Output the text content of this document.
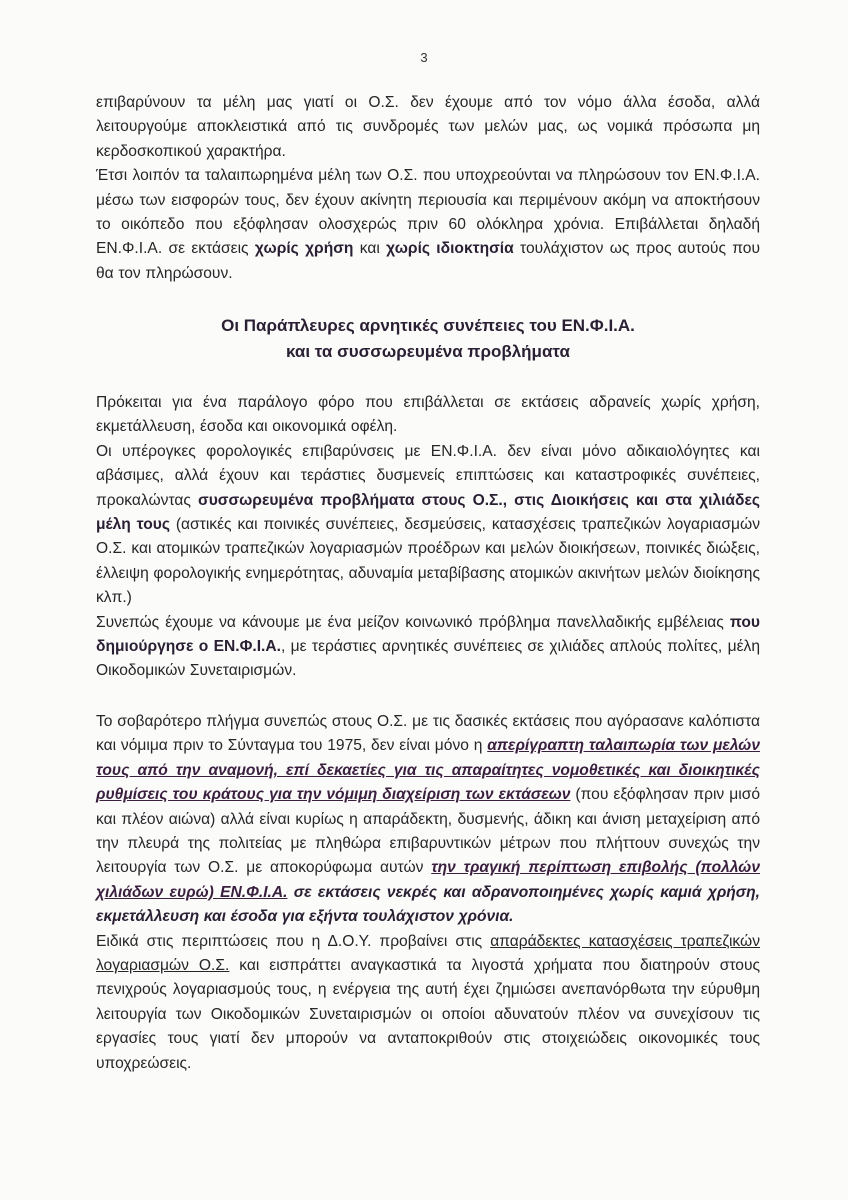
3

επιβαρύνουν τα μέλη μας γιατί οι Ο.Σ. δεν έχουμε από τον νόμο άλλα έσοδα, αλλά λειτουργούμε αποκλειστικά από τις συνδρομές των μελών μας, ως νομικά πρόσωπα μη κερδοσκοπικού χαρακτήρα.

Έτσι λοιπόν τα ταλαιπωρημένα μέλη των Ο.Σ. που υποχρεούνται να πληρώσουν τον ΕΝ.Φ.Ι.Α. μέσω των εισφορών τους, δεν έχουν ακίνητη περιουσία και περιμένουν ακόμη να αποκτήσουν το οικόπεδο που εξόφλησαν ολοσχερώς πριν 60 ολόκληρα χρόνια. Επιβάλλεται δηλαδή ΕΝ.Φ.Ι.Α. σε εκτάσεις χωρίς χρήση και χωρίς ιδιοκτησία τουλάχιστον ως προς αυτούς που θα τον πληρώσουν.

Οι Παράπλευρες αρνητικές συνέπειες του ΕΝ.Φ.Ι.Α.
και τα συσσωρευμένα προβλήματα

Πρόκειται για ένα παράλογο φόρο που επιβάλλεται σε εκτάσεις αδρανείς χωρίς χρήση, εκμετάλλευση, έσοδα και οικονομικά οφέλη.

Οι υπέρογκες φορολογικές επιβαρύνσεις με ΕΝ.Φ.Ι.Α. δεν είναι μόνο αδικαιολόγητες και αβάσιμες, αλλά έχουν και τεράστιες δυσμενείς επιπτώσεις και καταστροφικές συνέπειες, προκαλώντας συσσωρευμένα προβλήματα στους Ο.Σ., στις Διοικήσεις και στα χιλιάδες μέλη τους (αστικές και ποινικές συνέπειες, δεσμεύσεις, κατασχέσεις τραπεζικών λογαριασμών Ο.Σ. και ατομικών τραπεζικών λογαριασμών προέδρων και μελών διοικήσεων, ποινικές διώξεις, έλλειψη φορολογικής ενημερότητας, αδυναμία μεταβίβασης ατομικών ακινήτων μελών διοίκησης κλπ.)

Συνεπώς έχουμε να κάνουμε με ένα μείζον κοινωνικό πρόβλημα πανελλαδικής εμβέλειας που δημιούργησε ο ΕΝ.Φ.Ι.Α., με τεράστιες αρνητικές συνέπειες σε χιλιάδες απλούς πολίτες, μέλη Οικοδομικών Συνεταιρισμών.

Το σοβαρότερο πλήγμα συνεπώς στους Ο.Σ. με τις δασικές εκτάσεις που αγόρασανε καλόπιστα και νόμιμα πριν το Σύνταγμα του 1975, δεν είναι μόνο η απερίγραπτη ταλαιπωρία των μελών τους από την αναμονή, επί δεκαετίες για τις απαραίτητες νομοθετικές και διοικητικές ρυθμίσεις του κράτους για την νόμιμη διαχείριση των εκτάσεων (που εξόφλησαν πριν μισό και πλέον αιώνα) αλλά είναι κυρίως η απαράδεκτη, δυσμενής, άδικη και άνιση μεταχείριση από την πλευρά της πολιτείας με πληθώρα επιβαρυντικών μέτρων που πλήττουν συνεχώς την λειτουργία των Ο.Σ. με αποκορύφωμα αυτών την τραγική περίπτωση επιβολής (πολλών χιλιάδων ευρώ) ΕΝ.Φ.Ι.Α. σε εκτάσεις νεκρές και αδρανοποιημένες χωρίς καμιά χρήση, εκμετάλλευση και έσοδα για εξήντα τουλάχιστον χρόνια.

Ειδικά στις περιπτώσεις που η Δ.Ο.Υ. προβαίνει στις απαράδεκτες κατασχέσεις τραπεζικών λογαριασμών Ο.Σ. και εισπράττει αναγκαστικά τα λιγοστά χρήματα που διατηρούν στους πενιχρούς λογαριασμούς τους, η ενέργεια της αυτή έχει ζημιώσει ανεπανόρθωτα την εύρυθμη λειτουργία των Οικοδομικών Συνεταιρισμών οι οποίοι αδυνατούν πλέον να συνεχίσουν τις εργασίες τους γιατί δεν μπορούν να ανταποκριθούν στις στοιχειώδεις οικονομικές τους υποχρεώσεις.
